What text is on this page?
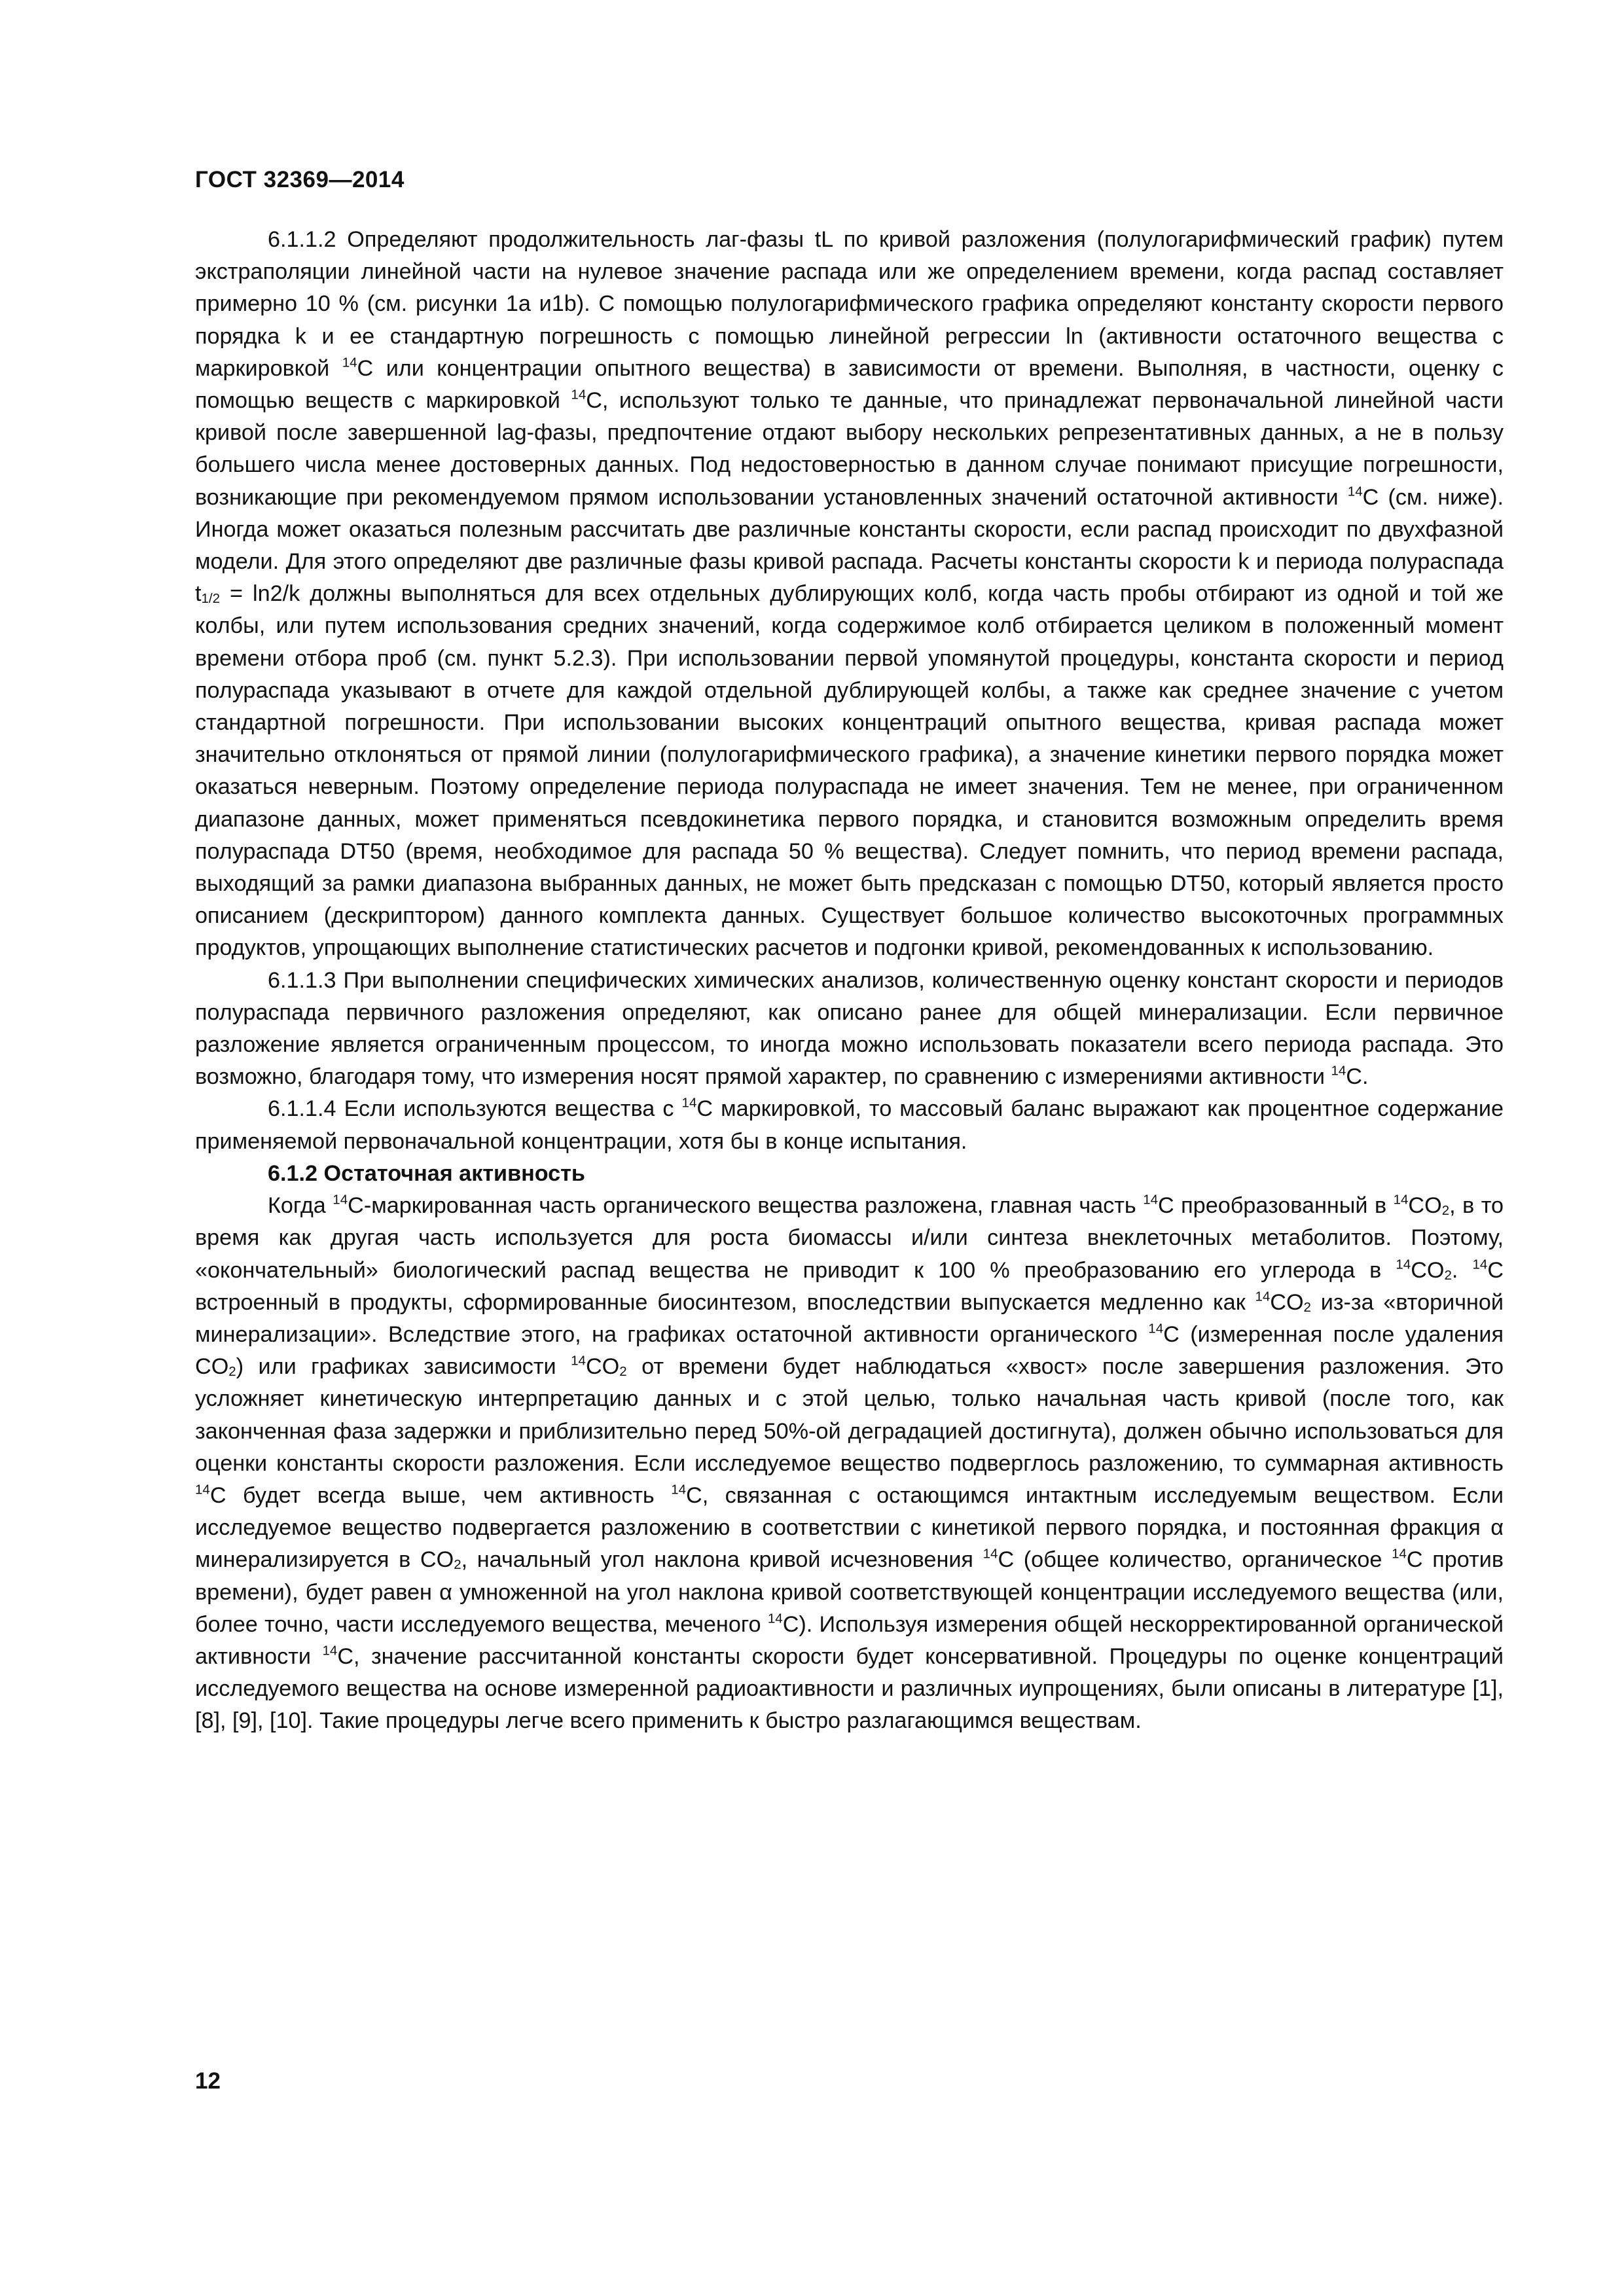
ГОСТ 32369—2014

6.1.1.2 Определяют продолжительность лаг-фазы tL по кривой разложения (полулогарифмический график) путем экстраполяции линейной части на нулевое значение распада или же определением времени, когда распад составляет примерно 10 % (см. рисунки 1а и1b). С помощью полулогарифмического графика определяют константу скорости первого порядка k и ее стандартную погрешность с помощью линейной регрессии ln (активности остаточного вещества с маркировкой $^{14}$С или концентрации опытного вещества) в зависимости от времени. Выполняя, в частности, оценку с помощью веществ с маркировкой $^{14}$С, используют только те данные, что принадлежат первоначальной линейной части кривой после завершенной lag-фазы, предпочтение отдают выбору нескольких репрезентативных данных, а не в пользу большего числа менее достоверных данных. Под недостоверностью в данном случае понимают присущие погрешности, возникающие при рекомендуемом прямом использовании установленных значений остаточной активности $^{14}$С (см. ниже). Иногда может оказаться полезным рассчитать две различные константы скорости, если распад происходит по двухфазной модели. Для этого определяют две различные фазы кривой распада. Расчеты константы скорости k и периода полураспада $t_{1/2} = \ln 2/k$ должны выполняться для всех отдельных дублирующих колб, когда часть пробы отбирают из одной и той же колбы, или путем использования средних значений, когда содержимое колб отбирается целиком в положенный момент времени отбора проб (см. пункт 5.2.3). При использовании первой упомянутой процедуры, константа скорости и период полураспада указывают в отчете для каждой отдельной дублирующей колбы, а также как среднее значение с учетом стандартной погрешности. При использовании высоких концентраций опытного вещества, кривая распада может значительно отклоняться от прямой линии (полулогарифмического графика), а значение кинетики первого порядка может оказаться неверным. Поэтому определение периода полураспада не имеет значения. Тем не менее, при ограниченном диапазоне данных, может применяться псевдокинетика первого порядка, и становится возможным определить время полураспада DT50 (время, необходимое для распада 50 % вещества). Следует помнить, что период времени распада, выходящий за рамки диапазона выбранных данных, не может быть предсказан с помощью DT50, который является просто описанием (дескриптором) данного комплекта данных. Существует большое количество высокоточных программных продуктов, упрощающих выполнение статистических расчетов и подгонки кривой, рекомендованных к использованию.

6.1.1.3 При выполнении специфических химических анализов, количественную оценку констант скорости и периодов полураспада первичного разложения определяют, как описано ранее для общей минерализации. Если первичное разложение является ограниченным процессом, то иногда можно использовать показатели всего периода распада. Это возможно, благодаря тому, что измерения носят прямой характер, по сравнению с измерениями активности $^{14}$С.

6.1.1.4 Если используются вещества с $^{14}$С маркировкой, то массовый баланс выражают как процентное содержание применяемой первоначальной концентрации, хотя бы в конце испытания.

6.1.2 Остаточная активность

Когда $^{14}$С-маркированная часть органического вещества разложена, главная часть $^{14}$С преобразованный в $^{14}CO_2$, в то время как другая часть используется для роста биомассы и/или синтеза внеклеточных метаболитов. Поэтому, «окончательный» биологический распад вещества не приводит к 100 % преобразованию его углерода в $^{14}CO_2$. $^{14}$С встроенный в продукты, сформированные биосинтезом, впоследствии выпускается медленно как $^{14}CO_2$ из-за «вторичной минерализации». Вследствие этого, на графиках остаточной активности органического $^{14}$С (измеренная после удаления $CO_2$) или графиках зависимости $^{14}CO_2$ от времени будет наблюдаться «хвост» после завершения разложения. Это усложняет кинетическую интерпретацию данных и с этой целью, только начальная часть кривой (после того, как законченная фаза задержки и приблизительно перед 50%-ой деградацией достигнута), должен обычно использоваться для оценки константы скорости разложения. Если исследуемое вещество подверглось разложению, то суммарная активность $^{14}$С будет всегда выше, чем активность $^{14}$С, связанная с остающимся интактным исследуемым веществом. Если исследуемое вещество подвергается разложению в соответствии с кинетикой первого порядка, и постоянная фракция α минерализируется в $CO_2$, начальный угол наклона кривой исчезновения $^{14}$С (общее количество, органическое $^{14}$С против времени), будет равен α умноженной на угол наклона кривой соответствующей концентрации исследуемого вещества (или, более точно, части исследуемого вещества, меченого $^{14}$С). Используя измерения общей нескорректированной органической активности $^{14}$С, значение рассчитанной константы скорости будет консервативной. Процедуры по оценке концентраций исследуемого вещества на основе измеренной радиоактивности и различных иупрощениях, были описаны в литературе [1], [8], [9], [10]. Такие процедуры легче всего применить к быстро разлагающимся веществам.

12
